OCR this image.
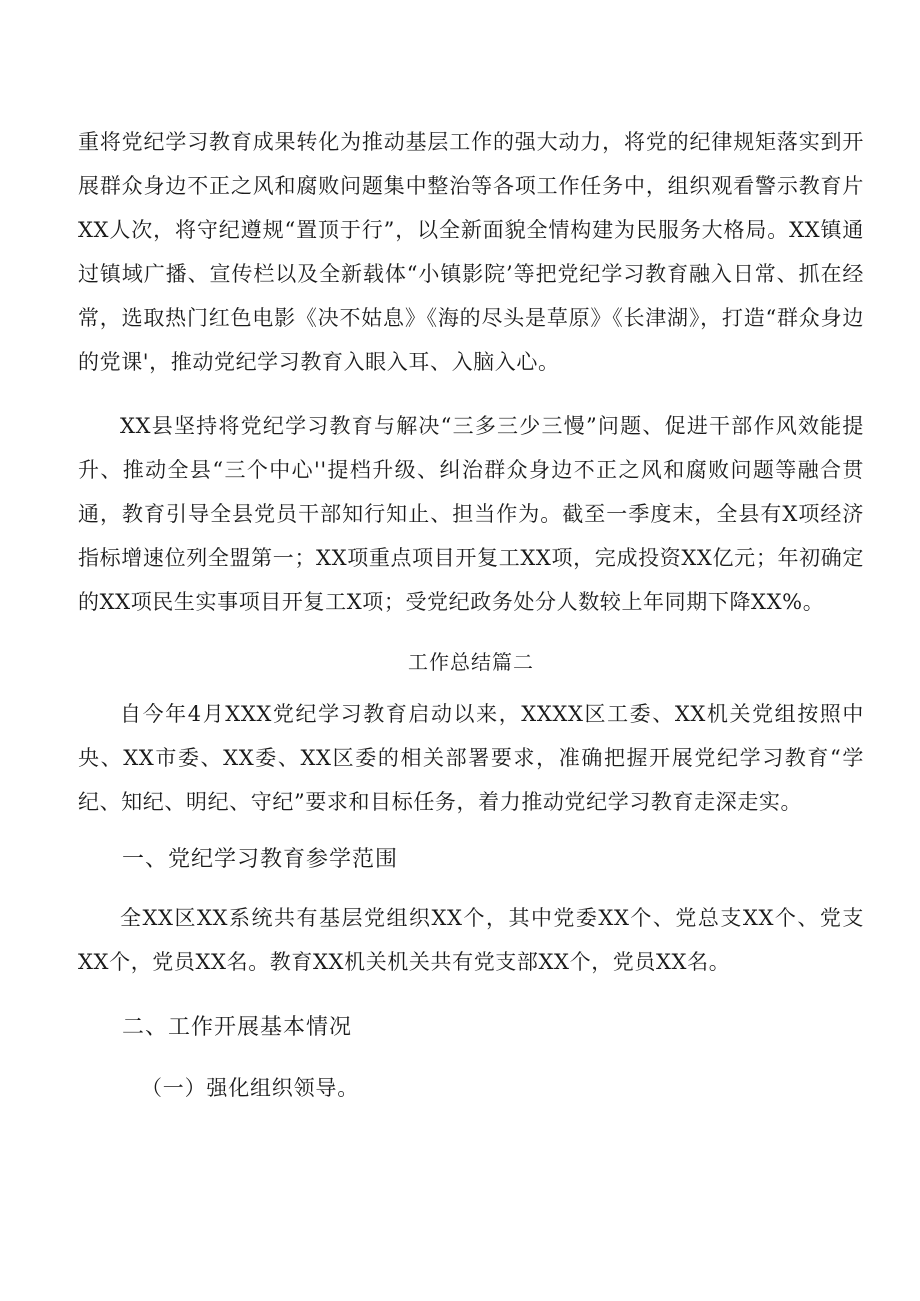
重将党纪学习教育成果转化为推动基层工作的强大动力，将党的纪律规矩落实到开展群众身边不正之风和腐败问题集中整治等各项工作任务中，组织观看警示教育片XX人次，将守纪遵规“置顶于行”，以全新面貌全情构建为民服务大格局。XX镇通过镇域广播、宣传栏以及全新载体“小镇影院’等把党纪学习教育融入日常、抓在经常，选取热门红色电影《决不姑息》《海的尽头是草原》《长津湖》，打造“群众身边的党课'，推动党纪学习教育入眼入耳、入脑入心。

XX县坚持将党纪学习教育与解决“三多三少三慢”问题、促进干部作风效能提升、推动全县“三个中心''提档升级、纠治群众身边不正之风和腐败问题等融合贯通，教育引导全县党员干部知行知止、担当作为。截至一季度末，全县有X项经济指标增速位列全盟第一；XX项重点项目开复工XX项，完成投资XX亿元；年初确定的XX项民生实事项目开复工X项；受党纪政务处分人数较上年同期下降XX%。

工作总结篇二

自今年4月XXX党纪学习教育启动以来，XXXX区工委、XX机关党组按照中央、XX市委、XX委、XX区委的相关部署要求，准确把握开展党纪学习教育“学纪、知纪、明纪、守纪”要求和目标任务，着力推动党纪学习教育走深走实。

一、党纪学习教育参学范围

全XX区XX系统共有基层党组织XX个，其中党委XX个、党总支XX个、党支XX个，党员XX名。教育XX机关机关共有党支部XX个，党员XX名。

二、工作开展基本情况

（一）强化组织领导。
